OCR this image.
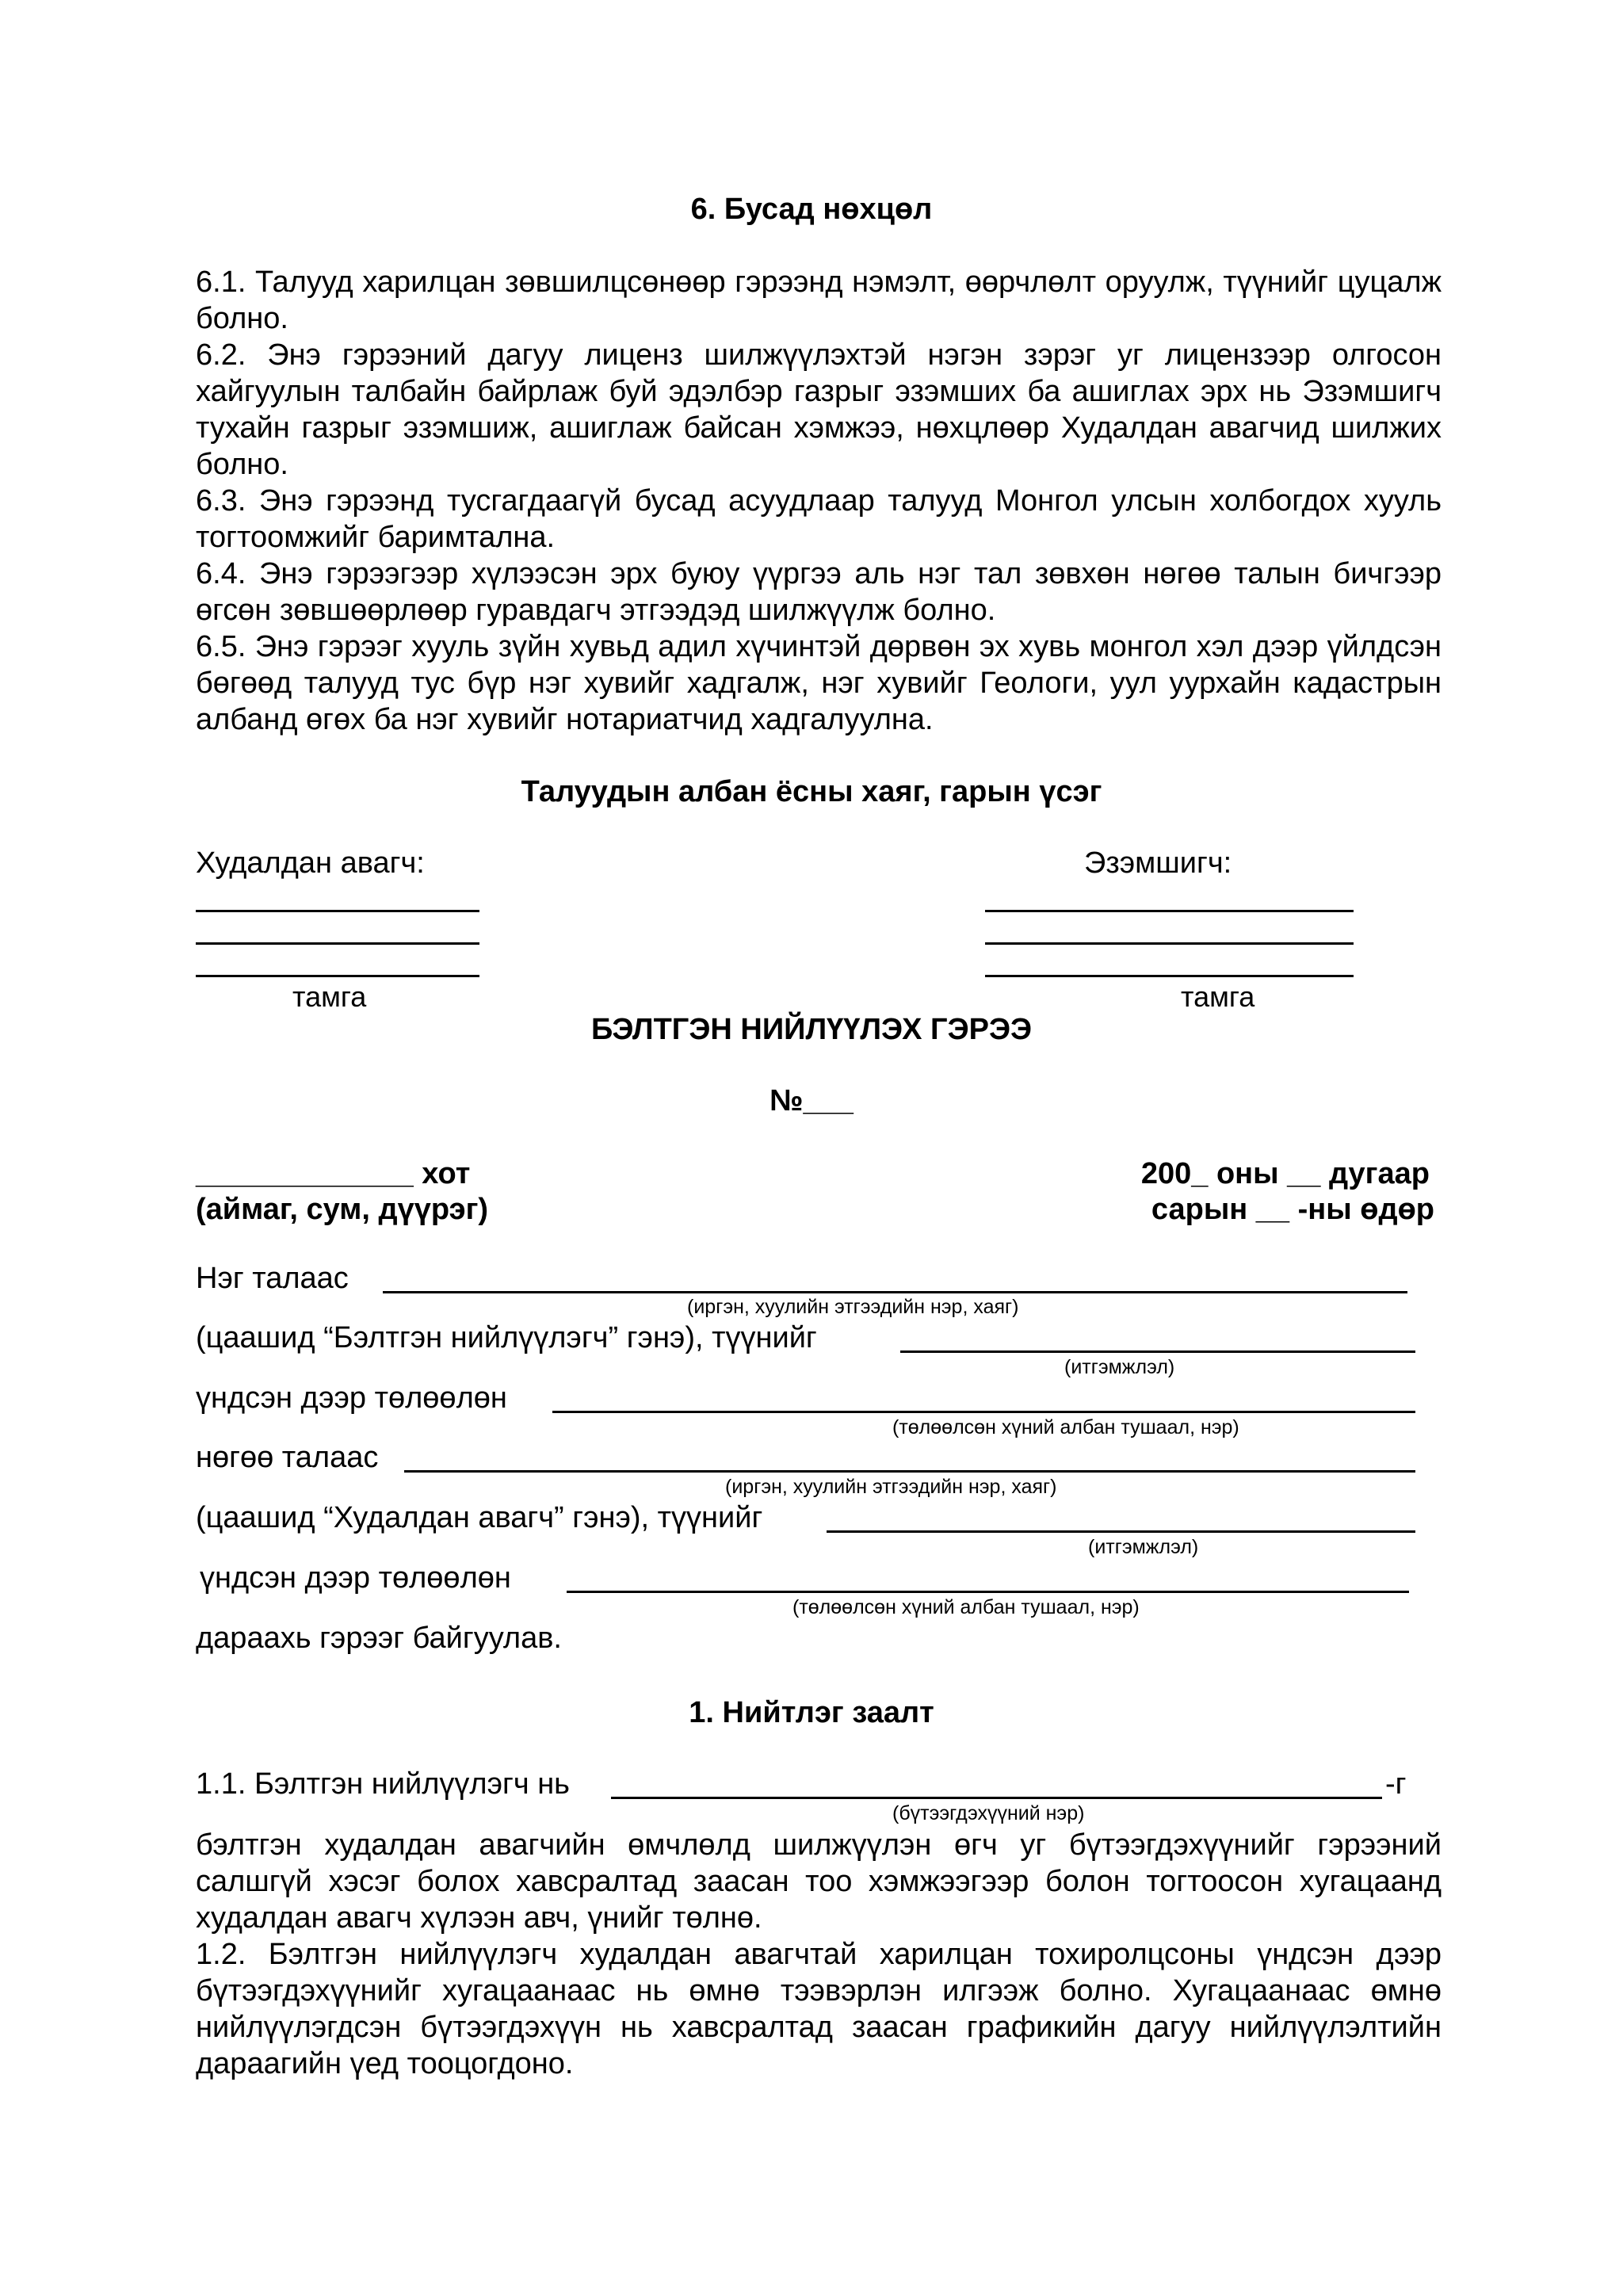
6. Бусад нөхцөл

6.1. Талууд харилцан зөвшилцсөнөөр гэрээнд нэмэлт, өөрчлөлт оруулж, түүнийг цуцалж болно.

6.2. Энэ гэрээний дагуу лиценз шилжүүлэхтэй нэгэн зэрэг уг лицензээр олгосон хайгуулын талбайн байрлаж буй эдэлбэр газрыг эзэмших ба ашиглах эрх нь Эзэмшигч тухайн газрыг эзэмшиж, ашиглаж байсан хэмжээ, нөхцлөөр Худалдан авагчид шилжих болно.

6.3. Энэ гэрээнд тусгагдаагүй бусад асуудлаар талууд Монгол улсын холбогдох хууль тогтоомжийг баримтална.

6.4. Энэ гэрээгээр хүлээсэн эрх буюу үүргээ аль нэг тал зөвхөн нөгөө талын бичгээр өгсөн зөвшөөрлөөр гуравдагч этгээдэд шилжүүлж болно.

6.5. Энэ гэрээг хууль зүйн хувьд адил хүчинтэй дөрвөн эх хувь монгол хэл дээр үйлдсэн бөгөөд талууд тус бүр нэг хувийг хадгалж, нэг хувийг Геологи, уул уурхайн кадастрын албанд өгөх ба нэг хувийг нотариатчид хадгалуулна.

Талуудын албан ёсны хаяг, гарын үсэг
Худалдан авагч:	Эзэмшигч:
тамга	тамга
БЭЛТГЭН НИЙЛҮҮЛЭХ ГЭРЭЭ
№___
_____________ хот
(аймаг, сум, дүүрэг)
200_ оны __ дугаар
сарын __ -ны өдөр
Нэг талаас
(иргэн, хуулийн этгээдийн нэр, хаяг)
(цаашид “Бэлтгэн нийлүүлэгч” гэнэ), түүнийг
(итгэмжлэл)
үндсэн дээр төлөөлөн
(төлөөлсөн хүний албан тушаал, нэр)
нөгөө талаас
(иргэн, хуулийн этгээдийн нэр, хаяг)
(цаашид “Худалдан авагч” гэнэ), түүнийг
(итгэмжлэл)
үндсэн дээр төлөөлөн
(төлөөлсөн хүний албан тушаал, нэр)
дараахь гэрээг байгуулав.
1. Нийтлэг заалт
1.1. Бэлтгэн нийлүүлэгч нь	-г
(бүтээгдэхүүний нэр)

бэлтгэн худалдан авагчийн өмчлөлд шилжүүлэн өгч уг бүтээгдэхүүнийг гэрээний салшгүй хэсэг болох хавсралтад заасан тоо хэмжээгээр болон тогтоосон хугацаанд худалдан авагч хүлээн авч, үнийг төлнө.

1.2. Бэлтгэн нийлүүлэгч худалдан авагчтай харилцан тохиролцсоны үндсэн дээр бүтээгдэхүүнийг хугацаанаас нь өмнө тээвэрлэн илгээж болно. Хугацаанаас өмнө нийлүүлэгдсэн бүтээгдэхүүн нь хавсралтад заасан графикийн дагуу нийлүүлэлтийн дараагийн үед тооцогдоно.
